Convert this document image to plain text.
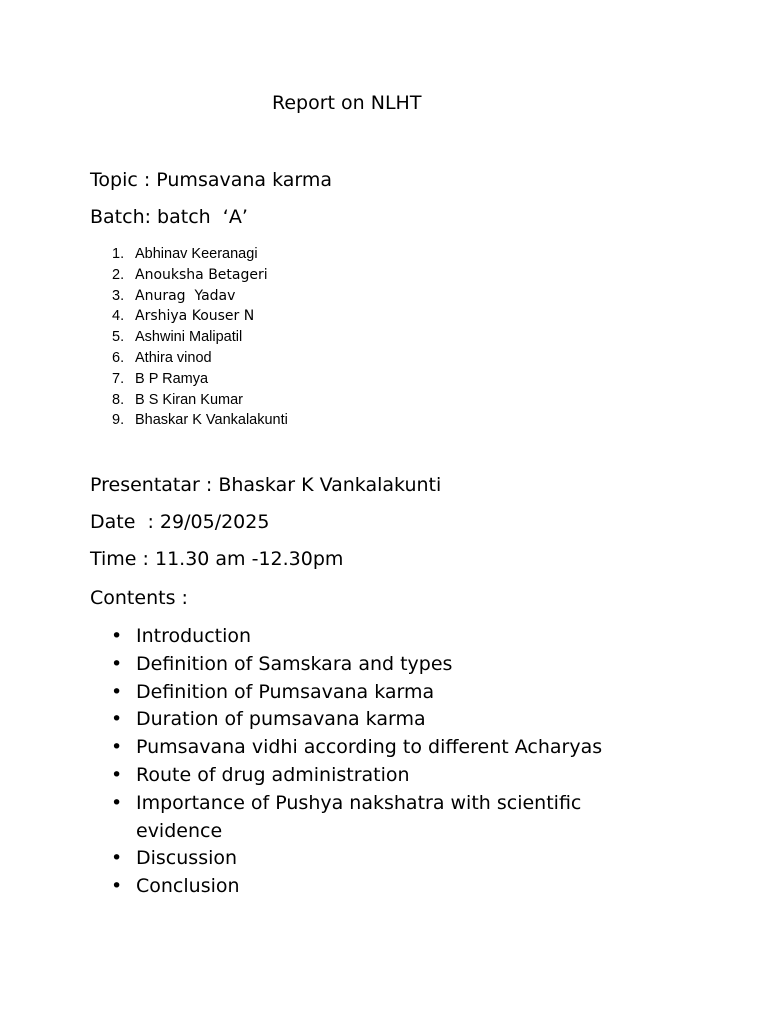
Report on NLHT
Topic : Pumsavana karma
Batch: batch  ‘A’
1. Abhinav Keeranagi
2. Anouksha Betageri
3. Anurag  Yadav
4. Arshiya Kouser N
5. Ashwini Malipatil
6. Athira vinod
7. B P Ramya
8. B S Kiran Kumar
9. Bhaskar K Vankalakunti
Presentatar : Bhaskar K Vankalakunti
Date  : 29/05/2025
Time : 11.30 am -12.30pm
Contents :
• Introduction
• Definition of Samskara and types
• Definition of Pumsavana karma
• Duration of pumsavana karma
• Pumsavana vidhi according to different Acharyas
• Route of drug administration
• Importance of Pushya nakshatra with scientific evidence
• Discussion
• Conclusion
